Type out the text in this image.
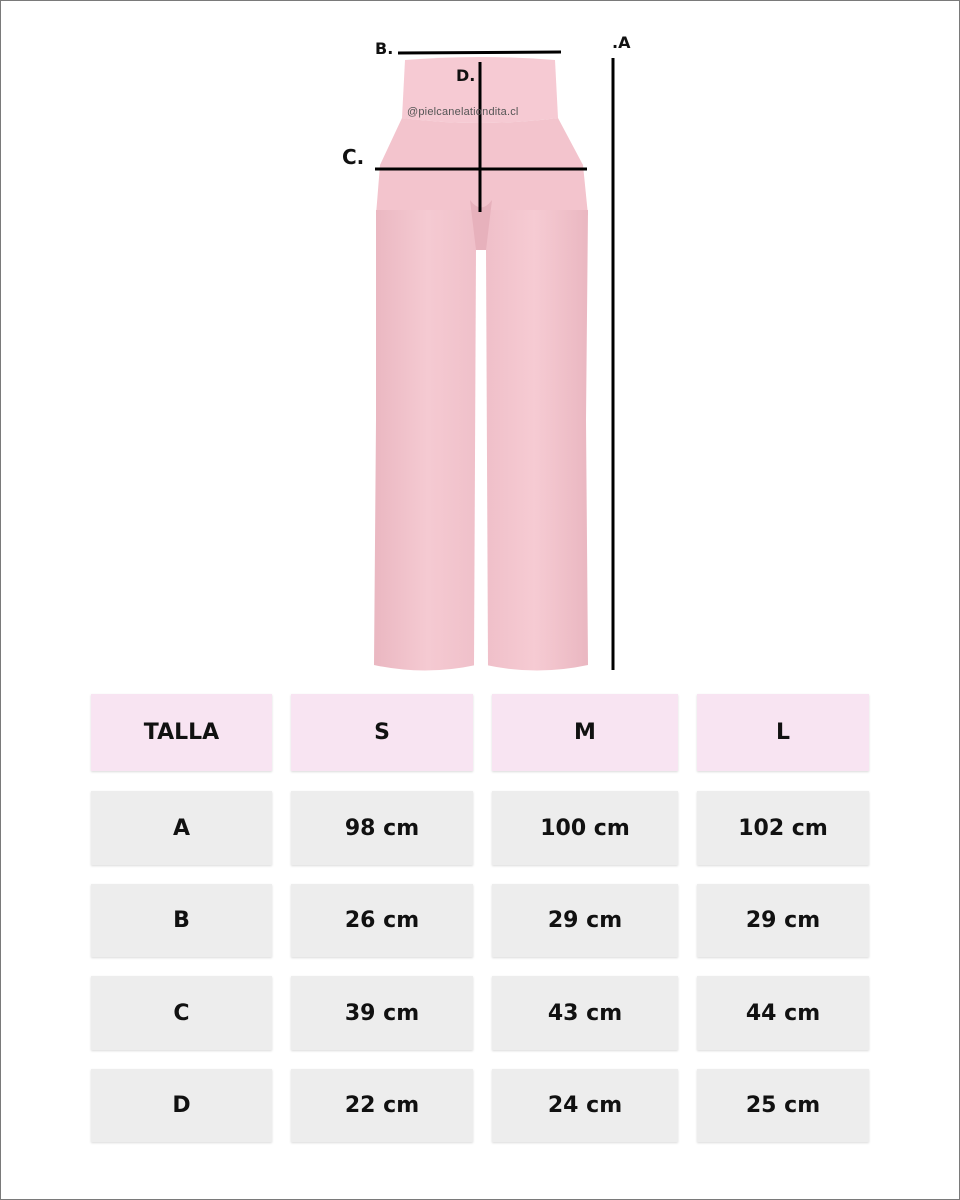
B.
D.
C.
.A
@pielcanelationdita.cl
TALLA	S	M	L
A	98 cm	100 cm	102 cm
B	26 cm	29 cm	29 cm
C	39 cm	43 cm	44 cm
D	22 cm	24 cm	25 cm
